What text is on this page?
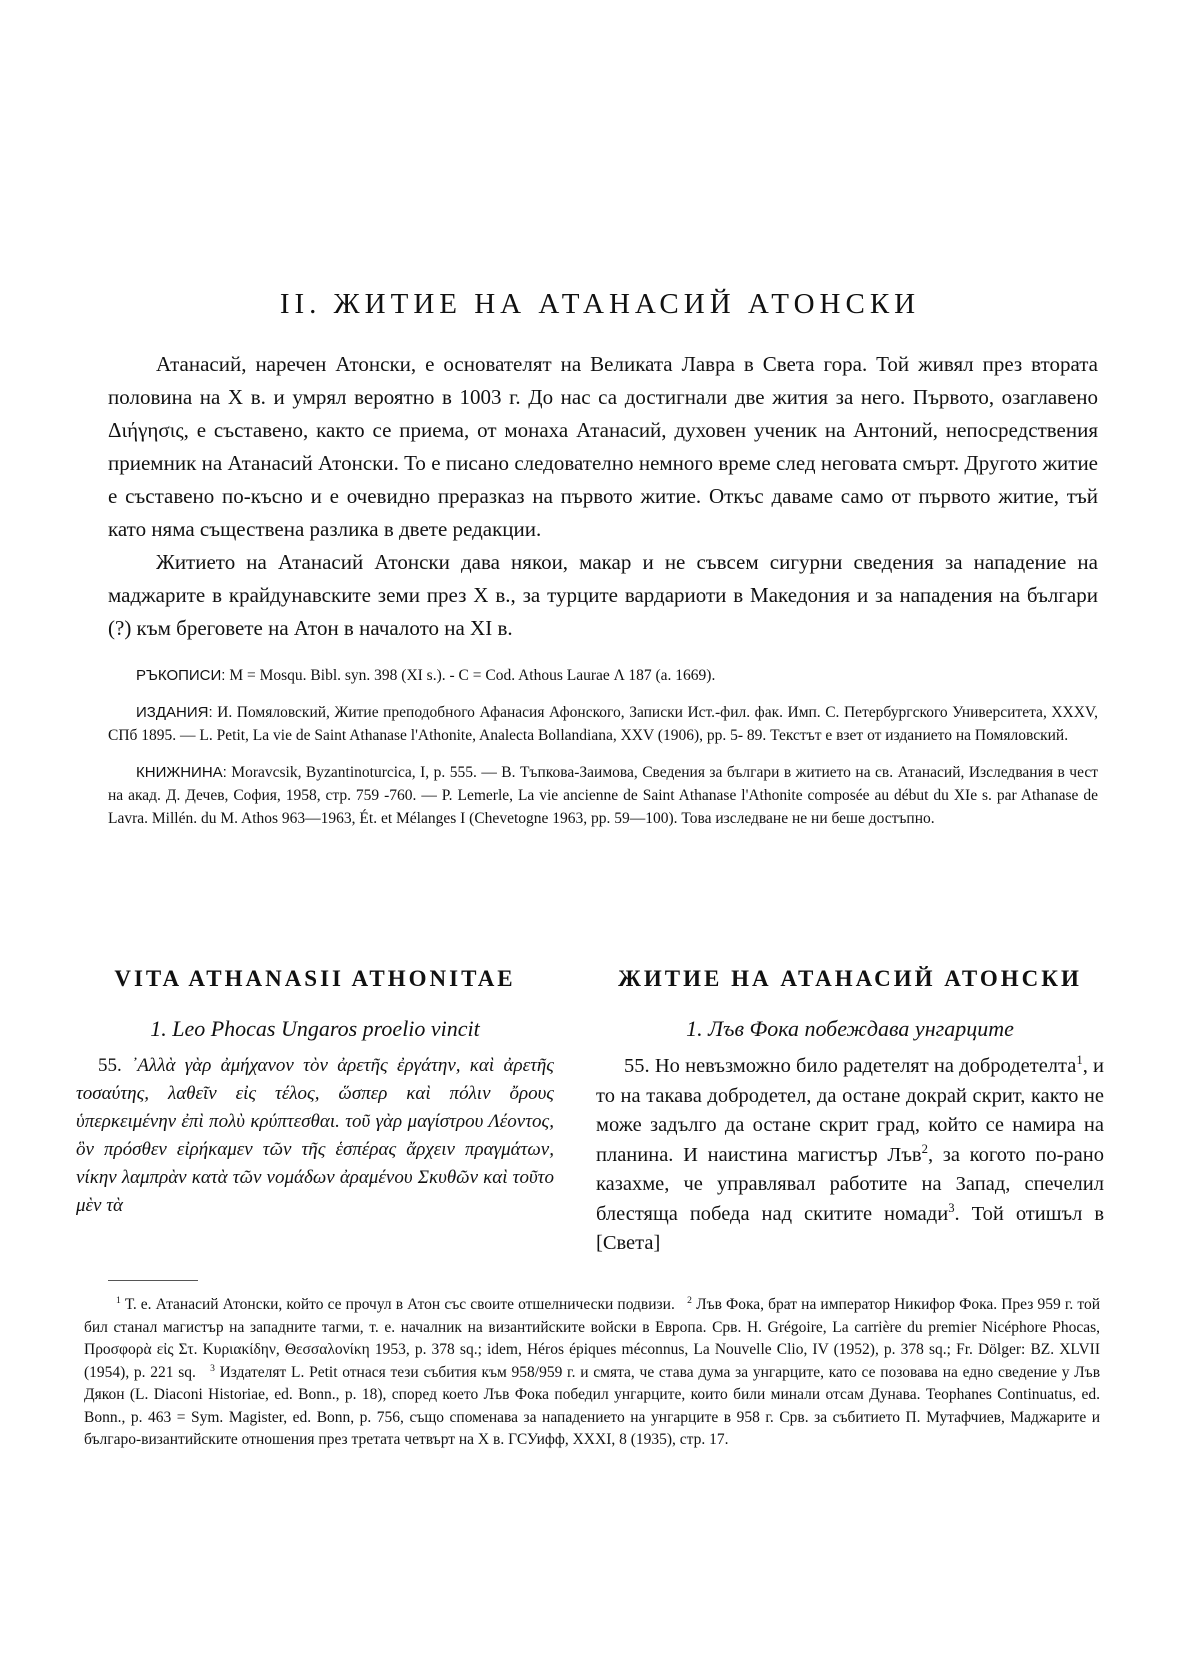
II. ЖИТИЕ НА АТАНАСИЙ АТОНСКИ

Атанасий, наречен Атонски, е основателят на Великата Лавра в Света гора. Той живял през втората половина на X в. и умрял вероятно в 1003 г. До нас са достигнали две жития за него. Първото, озаглавено Διήγησις, е съставено, както се приема, от монаха Атанасий, духовен ученик на Антоний, непосредствения приемник на Атанасий Атонски. То е писано следователно немного време след неговата смърт. Другото житие е съставено по-късно и е очевидно преразказ на първото житие. Откъс даваме само от първото житие, тъй като няма съществена разлика в двете редакции.

Житието на Атанасий Атонски дава някои, макар и не съвсем сигурни сведения за нападение на маджарите в крайдунавските земи през X в., за турците вардариоти в Македония и за нападения на българи (?) към бреговете на Атон в началото на XI в.

РЪКОПИСИ: M = Mosqu. Bibl. syn. 398 (XI s.). - C = Cod. Athous Laurae Λ 187 (a. 1669).

ИЗДАНИЯ: И. Помяловский, Житие преподобного Афанасия Афонского, Записки Ист.-фил. фак. Имп. С. Петербургского Университета, XXXV, СПб 1895. — L. Petit, La vie de Saint Athanase l'Athonite, Analecta Bollandiana, XXV (1906), pp. 5- 89. Текстът е взет от изданието на Помяловский.

КНИЖНИНА: Moravcsik, Byzantinoturcica, I, p. 555. — В. Тъпкова-Заимова, Сведения за българи в житието на св. Атанасий, Изследвания в чест на акад. Д. Дечев, София, 1958, стр. 759 -760. — P. Lemerle, La vie ancienne de Saint Athanase l'Athonite composée au début du XIe s. par Athanase de Lavra. Millén. du M. Athos 963—1963, Ét. et Mélanges I (Chevetogne 1963, pp. 59—100). Това изследване не ни беше достъпно.

VITA ATHANASII ATHONITAE
1. Leo Phocas Ungaros proelio vincit

55. ᾿Αλλὰ γὰρ ἀμήχανον τὸν ἀρετῆς ἐργάτην, καὶ ἀρετῆς τοσαύτης, λαθεῖν εἰς τέλος, ὥσπερ καὶ πόλιν ὄρους ὑπερκειμένην ἐπὶ πολὺ κρύπτεσθαι. τοῦ γὰρ μαγίστρου Λέοντος, ὃν πρόσθεν εἰρήκαμεν τῶν τῆς ἑσπέρας ἄρχειν πραγμάτων, νίκην λαμπρὰν κατὰ τῶν νομάδων ἀραμένου Σκυθῶν καὶ τοῦτο μὲν τὰ

ЖИТИЕ НА АТАНАСИЙ АТОНСКИ
1. Лъв Фока побеждава унгарците

55. Но невъзможно било радетелят на добродетелта$^1$, и то на такава добродетел, да остане докрай скрит, както не може задълго да остане скрит град, който се намира на планина. И наистина магистър Лъв$^2$, за когото по-рано казахме, че управлявал работите на Запад, спечелил блестяща победа над скитите номади$^3$. Той отишъл в [Света]

$^1$ Т. е. Атанасий Атонски, който се прочул в Атон със своите отшелнически подвизи. $^2$ Лъв Фока, брат на император Никифор Фока. През 959 г. той бил станал магистър на западните тагми, т. е. началник на византийските войски в Европа. Срв. H. Grégoire, La carrière du premier Nicéphore Phocas, Προσφορὰ εἰς Στ. Κυριακίδην, Θεσσαλονίκη 1953, p. 378 sq.; idem, Héros épiques méconnus, La Nouvelle Clio, IV (1952), p. 378 sq.; Fr. Dölger: BZ. XLVII (1954), p. 221 sq. $^3$ Издателят L. Petit отнася тези събития към 958/959 г. и смята, че става дума за унгарците, като се позовава на едно сведение у Лъв Дякон (L. Diaconi Historiae, ed. Bonn., p. 18), според което Лъв Фока победил унгарците, които били минали отсам Дунава. Teophanes Continuatus, ed. Bonn., p. 463 = Sym. Magister, ed. Bonn, p. 756, също споменава за нападението на унгарците в 958 г. Срв. за събитието П. Мутафчиев, Маджарите и българо-византийските отношения през третата четвърт на X в. ГСУифф, XXXI, 8 (1935), стр. 17.
